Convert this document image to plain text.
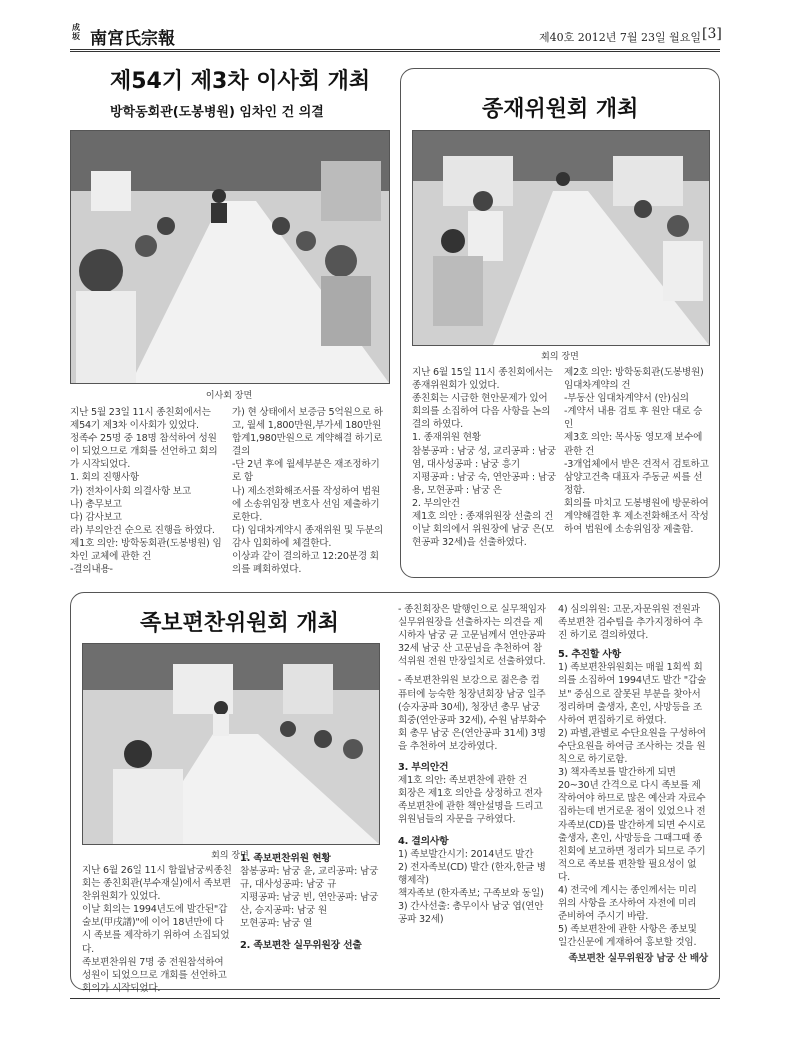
成
坂 南宮氏宗報	제40호 2012년 7월 23일 월요일 [3]
제54기 제3차 이사회 개최
방학동회관(도봉병원) 임차인 건 의결
이사회 장면

지난 5월 23일 11시 종친회에서는 제54기 제3차 이사회가 있었다.

정족수 25명 중 18명 참석하여 성원이 되었으므로 개회를 선언하고 회의가 시작되었다.

1. 회의 진행사항

가) 전차이사회 의결사항 보고

나) 총무보고

다) 감사보고

라) 부의안건 순으로 진행을 하였다.

제1호 의안: 방학동회관(도봉병원) 임차인 교체에 관한 건

-결의내용-

가) 현 상태에서 보증금 5억원으로 하고, 월세 1,800만원,부가세 180만원 합계1,980만원으로 계약해결 하기로 결의

-단 2년 후에 월세부분은 재조정하기로 함

나) 제소전화해조서를 작성하여 법원에 소송위임장 변호사 선임 제출하기로한다.

다) 임대차계약시 종재위원 및 두분의 감사 입회하에 체결한다.

이상과 같이 결의하고 12:20분경 회의를 폐회하였다.

종재위원회 개최
회의 장면

지난 6월 15일 11시 종친회에서는 종재위원회가 있었다.

종친회는 시급한 현안문제가 있어 회의를 소집하여 다음 사항을 논의결의 하였다.

1. 종재위원 현황

참봉공파 : 남궁 성, 교리공파 : 남궁 염, 대사성공파 : 남궁 흥기

지평공파 : 남궁 숙, 연안공파 : 남궁 용, 모현공파 : 남궁 은

2. 부의안건

제1호 의안 : 종재위원장 선출의 건

이날 회의에서 위원장에 남궁 은(모현공파 32세)을 선출하였다.

제2호 의안: 방학동회관(도봉병원) 임대차계약의 건

-부동산 임대차계약서 (안)심의

-계약서 내용 검토 후 원안 대로 승인

제3호 의안: 목사동 영모재 보수에 관한 건

-3개업체에서 받은 견적서 검토하고 삼양고건축 대표자 주동균 씨를 선정함.

회의를 마치고 도봉병원에 방문하여 계약해결한 후 제소전화해조서 작성하여 법원에 소송위임장 제출함.

족보편찬위원회 개최
회의 장면

지난 6월 26일 11시 합월남궁씨종친회는 종친회관(부수재실)에서 족보편찬위원회가 있었다.

이날 회의는 1994년도에 발간된"갑술보(甲戌譜)"에 이어 18년만에 다시 족보를 제작하기 위하여 소집되었다.

족보편찬위원 7명 중 전원참석하여 성원이 되었으므로 개회를 선언하고 회의가 시작되었다.

1. 족보편찬위원 현황

참봉공파: 남궁 윤, 교리공파: 남궁 규, 대사성공파: 남궁 규

지평공파: 남궁 빈, 연안공파: 남궁 산, 승지공파: 남궁 원

모현공파: 남궁 열

2. 족보편찬 실무위원장 선출

- 종친회장은 발행인으로 실무책임자 실무위원장을 선출하자는 의견을 제시하자 남궁 균 고문님께서 연안공파 32세 남궁 산 고문님을 추천하여 참석위원 전원 만장일치로 선출하였다.

- 족보편찬위원 보강으로 젊은층 컴퓨터에 능숙한 청장년회장 남궁 일주(승자공파 30세), 청장년 총무 남궁 희중(연안공파 32세), 수원 남부화수회 총무 남궁 은(연안공파 31세) 3명을 추천하여 보강하였다.

3. 부의안건

제1호 의안: 족보편찬에 관한 건

회장은 제1호 의안을 상정하고 전자족보편찬에 관한 책안설명을 드리고 위원님들의 자문을 구하였다.

4. 결의사항

1) 족보발간시기: 2014년도 발간

2) 전자족보(CD) 발간 (한자,한글 병행제작)

책자족보 (한자족보; 구족보와 동일)

3) 간사선출: 총무이사 남궁 엽(연안공파 32세)

4) 심의위원: 고문,자문위원 전원과 족보편찬 검수팀을 추가지정하여 추진 하기로 결의하였다.

5. 추진할 사항

1) 족보편찬위원회는 매월 1회씩 회의를 소집하여 1994년도 발간 "갑술보" 중심으로 잘못된 부분을 찾아서 정리하며 출생자, 혼인, 사망등을 조사하여 편집하기로 하였다.

2) 파별,관별로 수단요원을 구성하여 수단요원을 하여금 조사하는 것을 원칙으로 하기로함.

3) 책자족보를 발간하게 되면 20~30년 간격으로 다시 족보를 제작하여야 하므로 많은 예산과 자료수집하는데 번거로운 점이 있었으나 전자족보(CD)를 발간하게 되면 수시로 출생자, 혼인, 사망등을 그때그때 종친회에 보고하면 정리가 되므로 주기적으로 족보를 편찬할 필요성이 없다.

4) 전국에 계시는 종인께서는 미리 위의 사항을 조사하여 자전에 미리 준비하여 주시기 바람.

5) 족보편찬에 관한 사항은 종보및 일간신문에 게재하여 홍보할 것임.

족보편찬 실무위원장 남궁 산 배상
